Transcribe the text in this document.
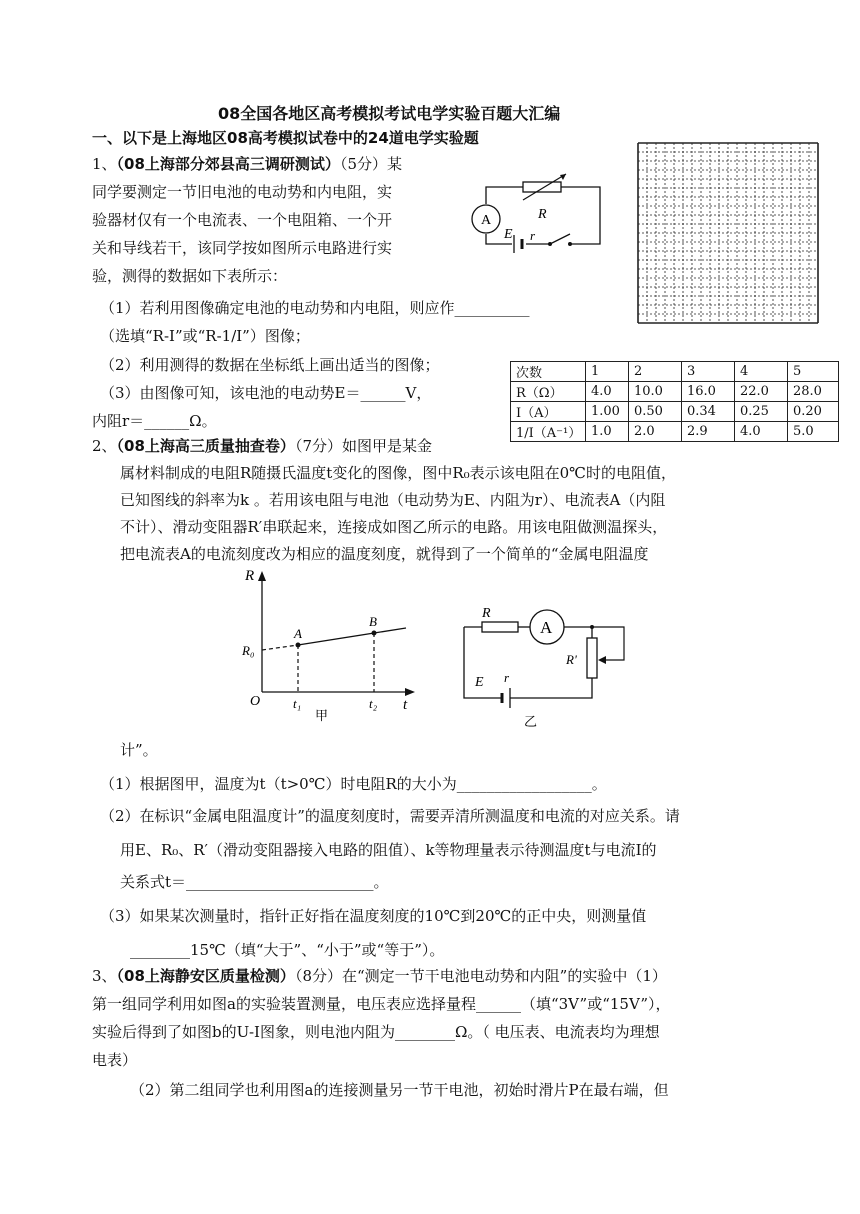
08全国各地区高考模拟考试电学实验百题大汇编
一、以下是上海地区08高考模拟试卷中的24道电学实验题
1、（08上海部分郊县高三调研测试）（5分）某
同学要测定一节旧电池的电动势和内电阻，实
验器材仅有一个电流表、一个电阻箱、一个开
关和导线若干，该同学按如图所示电路进行实
验，测得的数据如下表所示：
（1）若利用图像确定电池的电动势和内电阻，则应作__________
（选填“R-I”或“R-1/I”）图像；
（2）利用测得的数据在坐标纸上画出适当的图像；
（3）由图像可知，该电池的电动势E＝______V，
内阻r＝______Ω。
A	R
E r
次数	1	2	3	4	5
R（Ω）	4.0	10.0	16.0	22.0	28.0
I（A）	1.00	0.50	0.34	0.25	0.20
1/I（A⁻¹）	1.0	2.0	2.9	4.0	5.0
2、（08上海高三质量抽查卷）（7分）如图甲是某金
属材料制成的电阻R随摄氏温度t变化的图像，图中R₀表示该电阻在0℃时的电阻值，
已知图线的斜率为k 。若用该电阻与电池（电动势为E、内阻为r）、电流表A（内阻
不计）、滑动变阻器R′串联起来，连接成如图乙所示的电路。用该电阻做测温探头，
把电流表A的电流刻度改为相应的温度刻度，就得到了一个简单的“金属电阻温度
R
t
O
R₀
A
B
t₁	t₂
甲
R
A
R'
E r
乙
计”。
（1）根据图甲，温度为t（t>0℃）时电阻R的大小为__________________。
（2）在标识“金属电阻温度计”的温度刻度时，需要弄清所测温度和电流的对应关系。请
用E、R₀、R′（滑动变阻器接入电路的阻值）、k等物理量表示待测温度t与电流I的
关系式t＝_________________________。
（3）如果某次测量时，指针正好指在温度刻度的10℃到20℃的正中央，则测量值
________15℃（填“大于”、“小于”或“等于”）。
3、（08上海静安区质量检测）（8分）在“测定一节干电池电动势和内阻”的实验中（1）
第一组同学利用如图a的实验装置测量，电压表应选择量程______（填“3V”或“15V”），
实验后得到了如图b的U-I图象，则电池内阻为________Ω。（ 电压表、电流表均为理想
电表）
（2）第二组同学也利用图a的连接测量另一节干电池，初始时滑片P在最右端，但
